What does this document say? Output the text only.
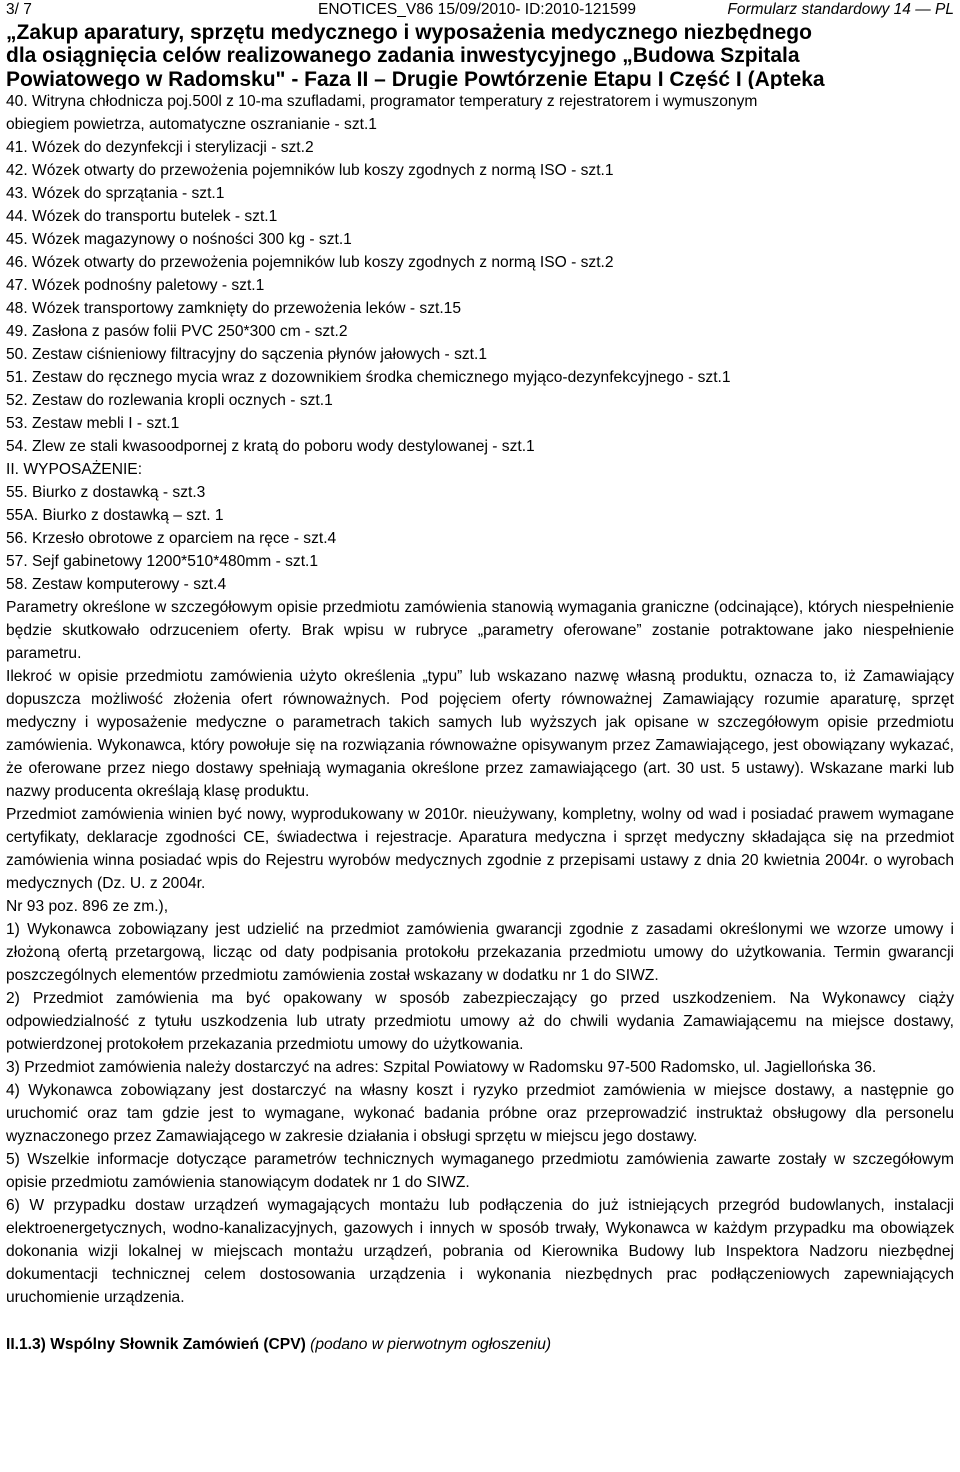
3/ 7	ENOTICES_V86 15/09/2010- ID:2010-121599	Formularz standardowy 14 — PL
„Zakup aparatury, sprzętu medycznego i wyposażenia medycznego niezbędnego
dla osiągnięcia celów realizowanego zadania inwestycyjnego „Budowa Szpitala
Powiatowego w Radomsku" - Faza II – Drugie Powtórzenie Etapu I Część I (Apteka
40. Witryna chłodnicza poj.500l z 10-ma szufladami, programator temperatury z rejestratorem i wymuszonym
obiegiem powietrza, automatyczne oszranianie - szt.1
41. Wózek do dezynfekcji i sterylizacji - szt.2
42. Wózek otwarty do przewożenia pojemników lub koszy zgodnych z normą ISO - szt.1
43. Wózek do sprzątania - szt.1
44. Wózek do transportu butelek - szt.1
45. Wózek magazynowy o nośności 300 kg - szt.1
46. Wózek otwarty do przewożenia pojemników lub koszy zgodnych z normą ISO - szt.2
47. Wózek podnośny paletowy - szt.1
48. Wózek transportowy zamknięty do przewożenia leków - szt.15
49. Zasłona z pasów folii PVC 250*300 cm - szt.2
50. Zestaw ciśnieniowy filtracyjny do sączenia płynów jałowych - szt.1
51. Zestaw do ręcznego mycia wraz z dozownikiem środka chemicznego myjąco-dezynfekcyjnego - szt.1
52. Zestaw do rozlewania kropli ocznych - szt.1
53. Zestaw mebli I - szt.1
54. Zlew ze stali kwasoodpornej z kratą do poboru wody destylowanej - szt.1
II. WYPOSAŻENIE:
55. Biurko z dostawką - szt.3
55A. Biurko z dostawką – szt. 1
56. Krzesło obrotowe z oparciem na ręce - szt.4
57. Sejf gabinetowy 1200*510*480mm - szt.1
58. Zestaw komputerowy - szt.4
Parametry określone w szczegółowym opisie przedmiotu zamówienia stanowią wymagania graniczne (odcinające), których niespełnienie będzie skutkowało odrzuceniem oferty. Brak wpisu w rubryce „parametry oferowane” zostanie potraktowane jako niespełnienie parametru.
Ilekroć w opisie przedmiotu zamówienia użyto określenia „typu” lub wskazano nazwę własną produktu, oznacza to, iż Zamawiający dopuszcza możliwość złożenia ofert równoważnych. Pod pojęciem oferty równoważnej Zamawiający rozumie aparaturę, sprzęt medyczny i wyposażenie medyczne o parametrach takich samych lub wyższych jak opisane w szczegółowym opisie przedmiotu zamówienia. Wykonawca, który powołuje się na rozwiązania równoważne opisywanym przez Zamawiającego, jest obowiązany wykazać, że oferowane przez niego dostawy spełniają wymagania określone przez zamawiającego (art. 30 ust. 5 ustawy). Wskazane marki lub nazwy producenta określają klasę produktu.
Przedmiot zamówienia winien być nowy, wyprodukowany w 2010r. nieużywany, kompletny, wolny od wad i posiadać prawem wymagane certyfikaty, deklaracje zgodności CE, świadectwa i rejestracje. Aparatura medyczna i sprzęt medyczny składająca się na przedmiot zamówienia winna posiadać wpis do Rejestru wyrobów medycznych zgodnie z przepisami ustawy z dnia 20 kwietnia 2004r. o wyrobach medycznych (Dz. U. z 2004r.
Nr 93 poz. 896 ze zm.),
1) Wykonawca zobowiązany jest udzielić na przedmiot zamówienia gwarancji zgodnie z zasadami określonymi we wzorze umowy i złożoną ofertą przetargową, licząc od daty podpisania protokołu przekazania przedmiotu umowy do użytkowania. Termin gwarancji poszczególnych elementów przedmiotu zamówienia został wskazany w dodatku nr 1 do SIWZ.
2) Przedmiot zamówienia ma być opakowany w sposób zabezpieczający go przed uszkodzeniem. Na Wykonawcy ciąży odpowiedzialność z tytułu uszkodzenia lub utraty przedmiotu umowy aż do chwili wydania Zamawiającemu na miejsce dostawy, potwierdzonej protokołem przekazania przedmiotu umowy do użytkowania.
3) Przedmiot zamówienia należy dostarczyć na adres: Szpital Powiatowy w Radomsku 97-500 Radomsko, ul. Jagiellońska 36.
4) Wykonawca zobowiązany jest dostarczyć na własny koszt i ryzyko przedmiot zamówienia w miejsce dostawy, a następnie go uruchomić oraz tam gdzie jest to wymagane, wykonać badania próbne oraz przeprowadzić instruktaż obsługowy dla personelu wyznaczonego przez Zamawiającego w zakresie działania i obsługi sprzętu w miejscu jego dostawy.
5) Wszelkie informacje dotyczące parametrów technicznych wymaganego przedmiotu zamówienia zawarte zostały w szczegółowym opisie przedmiotu zamówienia stanowiącym dodatek nr 1 do SIWZ.
6) W przypadku dostaw urządzeń wymagających montażu lub podłączenia do już istniejących przegród budowlanych, instalacji elektroenergetycznych, wodno-kanalizacyjnych, gazowych i innych w sposób trwały, Wykonawca w każdym przypadku ma obowiązek dokonania wizji lokalnej w miejscach montażu urządzeń, pobrania od Kierownika Budowy lub Inspektora Nadzoru niezbędnej dokumentacji technicznej celem dostosowania urządzenia i wykonania niezbędnych prac podłączeniowych zapewniających uruchomienie urządzenia.
II.1.3) Wspólny Słownik Zamówień (CPV) (podano w pierwotnym ogłoszeniu)
